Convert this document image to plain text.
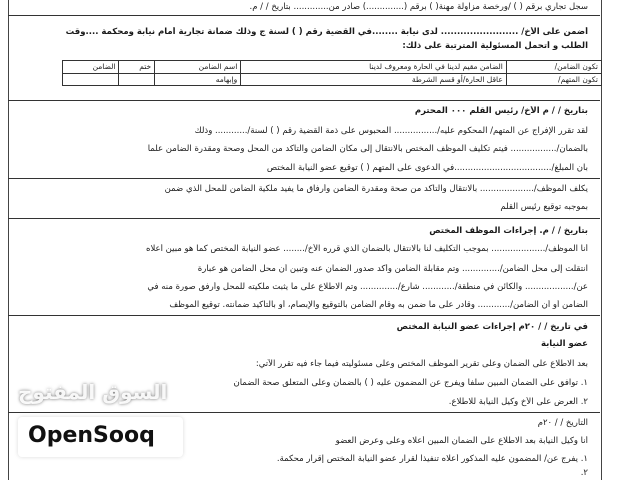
سجل تجاري برقم ( ) /ورخصة مزاولة مهنة( ) برقم (..............) صادر من............. بتاريخ / / م.
أضمن على الأخ/ ........................ لدى نيابة ........في القضية رقم ( ) لسنة ج وذلك ضمانة تجارية أمام نيابة ومحكمة ....وقت
الطلب و أتحمل المسئولية المترتبة على ذلك:
تكون الضامن/	الضامن مقيم لدينا في الحارة ومعروف لدينا	اسم الضامن	ختم	الضامن
تكون المتهم/	عاقل الحارة/أو قسم الشرطة	وإبهامه		
بتاريخ / / م الأخ/ رئيس القلم ٠٠٠ المحترم
لقد تقرر الإفراج عن المتهم/ المحكوم عليه/................ المحبوس على ذمة القضية رقم ( ) لسنة/............ وذلك
بالضمان/................. فيتم تكليف الموظف المختص بالانتقال إلى مكان الضامن والتأكد من المحل وصحة ومقدرة الضامن علماً
بأن المبلغ/....................................في الدعوى على المتهم ( ) توقيع عضو النيابة المختص
يكلف الموظف/.................... بالانتقال والتأكد من صحة ومقدرة الضامن وأرفاق ما يفيد ملكية الضامن للمحل الذي ضمن
بموجبه توقيع رئيس القلم
بتاريخ / / م. إجراءات الموظف المختص
أنا الموظف/.................... بموجب التكليف لنا بالانتقال بالضمان الذي قرره الأخ/........ عضو النيابة المختص كما هو مبين أعلاه
انتقلت إلى محل الضامن/.............. وتم مقابلة الضامن وأكد صدور الضمان عنه وتبين أن محل الضامن هو عبارة
عن/.................. والكائن في منطقة/............ شارع/.............. وتم الاطلاع على ما يثبت ملكيته للمحل وأرفق صورة منه في
الضامن أو أن الضامن/............ وقادر على ما ضمن به وقام الضامن بالتوقيع والإبصام، أو بالتأكيد ضمانته. توقيع الموظف
في تاريخ / / ٢٠م إجراءات عضو النيابة المختص
عضو النيابة
بعد الاطلاع على الضمان وعلى تقرير الموظف المختص وعلى مسئوليته فيما جاء فيه تقرر الآتي:
١. توافق على الضمان المبين سلفاً ويفرج عن المضمون عليه ( ) بالضمان وعلى المتعلق صحة الضمان
٢. العرض على الأخ وكيل النيابة للاطلاع.
التاريخ / / ٢٠م
أنا وكيل النيابة بعد الاطلاع على الضمان المبين أعلاه وعلى وعرض العضو
١. يفرج عن/ المضمون عليه المذكور أعلاه تنفيذاً لقرار عضو النيابة المختص إقرار محكمة.
٢.
السوق المفتوح
OpenSooq
